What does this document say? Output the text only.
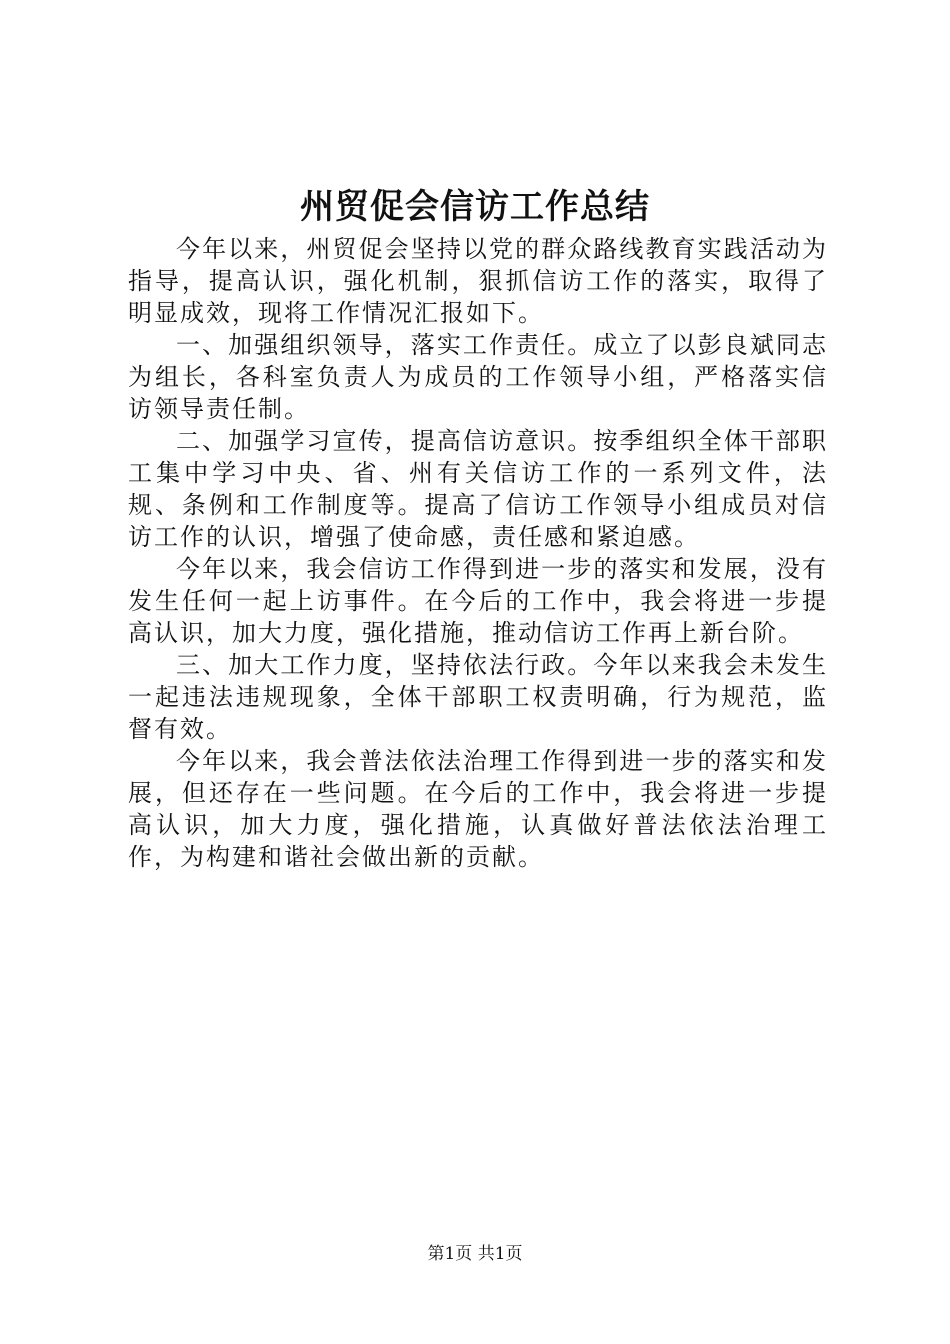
州贸促会信访工作总结

今年以来，州贸促会坚持以党的群众路线教育实践活动为指导，提高认识，强化机制，狠抓信访工作的落实，取得了明显成效，现将工作情况汇报如下。

一、加强组织领导，落实工作责任。成立了以彭良斌同志为组长，各科室负责人为成员的工作领导小组，严格落实信访领导责任制。

二、加强学习宣传，提高信访意识。按季组织全体干部职工集中学习中央、省、州有关信访工作的一系列文件，法规、条例和工作制度等。提高了信访工作领导小组成员对信访工作的认识，增强了使命感，责任感和紧迫感。

今年以来，我会信访工作得到进一步的落实和发展，没有发生任何一起上访事件。在今后的工作中，我会将进一步提高认识，加大力度，强化措施，推动信访工作再上新台阶。

三、加大工作力度，坚持依法行政。今年以来我会未发生一起违法违规现象，全体干部职工权责明确，行为规范，监督有效。

今年以来，我会普法依法治理工作得到进一步的落实和发展，但还存在一些问题。在今后的工作中，我会将进一步提高认识，加大力度，强化措施，认真做好普法依法治理工作，为构建和谐社会做出新的贡献。

第1页 共1页
